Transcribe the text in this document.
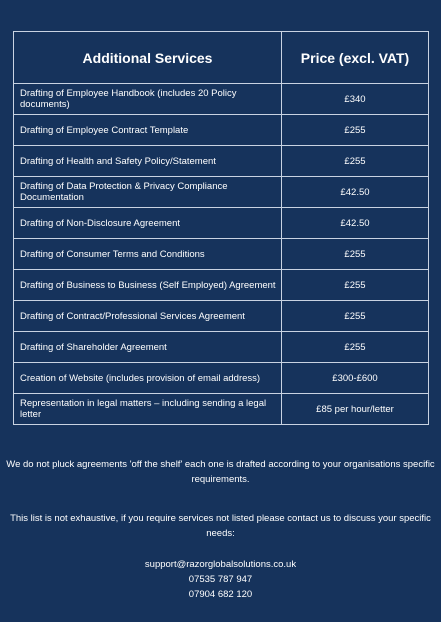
Additional Services	Price (excl. VAT)
Drafting of Employee Handbook (includes 20 Policy documents)	£340
Drafting of Employee Contract Template	£255
Drafting of Health and Safety Policy/Statement	£255
Drafting of Data Protection & Privacy Compliance Documentation	£42.50
Drafting of Non-Disclosure Agreement	£42.50
Drafting of Consumer Terms and Conditions	£255
Drafting of Business to Business (Self Employed) Agreement	£255
Drafting of Contract/Professional Services Agreement	£255
Drafting of Shareholder Agreement	£255
Creation of Website (includes provision of email address)	£300-£600
Representation in legal matters – including sending a legal letter	£85 per hour/letter

We do not pluck agreements 'off the shelf' each one is drafted according to your organisations specific requirements.

This list is not exhaustive, if you require services not listed please contact us to discuss your specific needs:

support@razorglobalsolutions.co.uk
07535 787 947
07904 682 120
